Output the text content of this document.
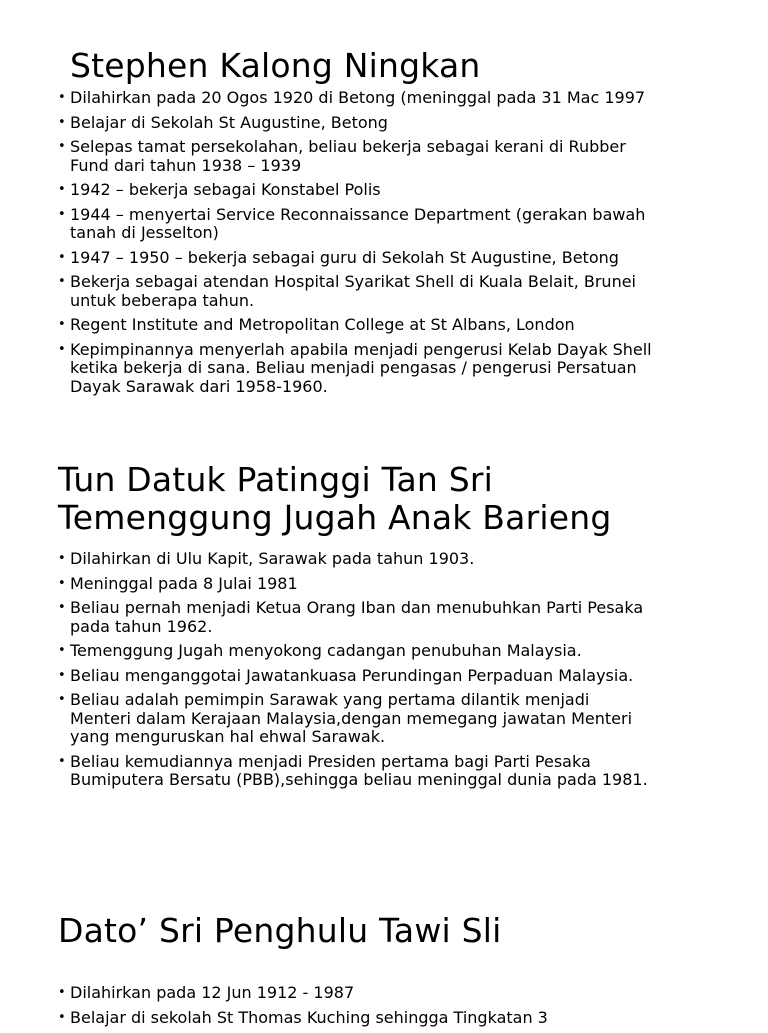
Stephen Kalong Ningkan
• Dilahirkan pada 20 Ogos 1920 di Betong (meninggal pada 31 Mac 1997
• Belajar di Sekolah St Augustine, Betong
• Selepas tamat persekolahan, beliau bekerja sebagai kerani di Rubber
Fund dari tahun 1938 – 1939
• 1942 – bekerja sebagai Konstabel Polis
• 1944 – menyertai Service Reconnaissance Department (gerakan bawah
tanah di Jesselton)
• 1947 – 1950 – bekerja sebagai guru di Sekolah St Augustine, Betong
• Bekerja sebagai atendan Hospital Syarikat Shell di Kuala Belait, Brunei
untuk beberapa tahun.
• Regent Institute and Metropolitan College at St Albans, London
• Kepimpinannya menyerlah apabila menjadi pengerusi Kelab Dayak Shell
ketika bekerja di sana. Beliau menjadi pengasas / pengerusi Persatuan
Dayak Sarawak dari 1958-1960.
Tun Datuk Patinggi Tan Sri
Temenggung Jugah Anak Barieng
• Dilahirkan di Ulu Kapit, Sarawak pada tahun 1903.
• Meninggal pada 8 Julai 1981
• Beliau pernah menjadi Ketua Orang Iban dan menubuhkan Parti Pesaka
pada tahun 1962.
• Temenggung Jugah menyokong cadangan penubuhan Malaysia.
• Beliau menganggotai Jawatankuasa Perundingan Perpaduan Malaysia.
• Beliau adalah pemimpin Sarawak yang pertama dilantik menjadi
Menteri dalam Kerajaan Malaysia,dengan memegang jawatan Menteri
yang menguruskan hal ehwal Sarawak.
• Beliau kemudiannya menjadi Presiden pertama bagi Parti Pesaka
Bumiputera Bersatu (PBB),sehingga beliau meninggal dunia pada 1981.
Dato’ Sri Penghulu Tawi Sli
• Dilahirkan pada 12 Jun 1912 - 1987
• Belajar di sekolah St Thomas Kuching sehingga Tingkatan 3
